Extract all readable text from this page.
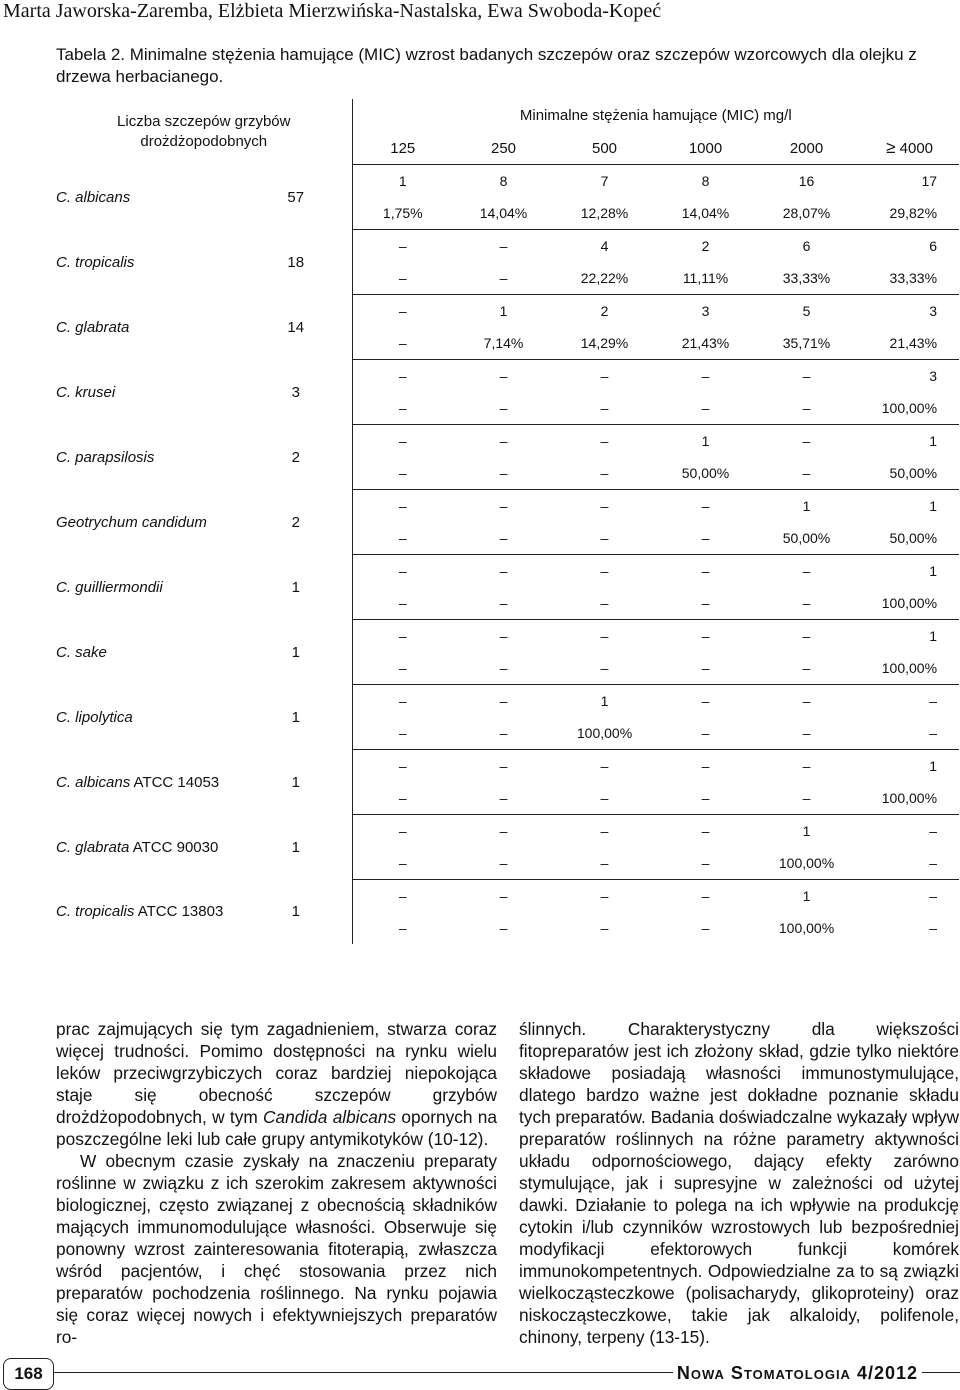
Marta Jaworska-Zaremba, Elżbieta Mierzwińska-Nastalska, Ewa Swoboda-Kopeć
Tabela 2. Minimalne stężenia hamujące (MIC) wzrost badanych szczepów oraz szczepów wzorcowych dla olejku z drzewa herbacianego.
Liczba szczepów grzybów
drożdżopodobnych		Minimalne stężenia hamujące (MIC) mg/l					
		125	250	500	1000	2000	≥ 4000
C. albicans	57	1	8	7	8	16	17
		1,75%	14,04%	12,28%	14,04%	28,07%	29,82%
C. tropicalis	18	–	–	4	2	6	6
		–	–	22,22%	11,11%	33,33%	33,33%
C. glabrata	14	–	1	2	3	5	3
		–	7,14%	14,29%	21,43%	35,71%	21,43%
C. krusei	3	–	–	–	–	–	3
		–	–	–	–	–	100,00%
C. parapsilosis	2	–	–	–	1	–	1
		–	–	–	50,00%	–	50,00%
Geotrychum candidum	2	–	–	–	–	1	1
		–	–	–	–	50,00%	50,00%
C. guilliermondii	1	–	–	–	–	–	1
		–	–	–	–	–	100,00%
C. sake	1	–	–	–	–	–	1
		–	–	–	–	–	100,00%
C. lipolytica	1	–	–	1	–	–	–
		–	–	100,00%	–	–	–
C. albicans ATCC 14053	1	–	–	–	–	–	1
		–	–	–	–	–	100,00%
C. glabrata ATCC 90030	1	–	–	–	–	1	–
		–	–	–	–	100,00%	–
C. tropicalis ATCC 13803	1	–	–	–	–	1	–
		–	–	–	–	100,00%	–

prac zajmujących się tym zagadnieniem, stwarza coraz więcej trudności. Pomimo dostępności na rynku wielu leków przeciwgrzybiczych coraz bardziej niepokojąca staje się obecność szczepów grzybów drożdżopodobnych, w tym Candida albicans opornych na poszczególne leki lub całe grupy antymikotyków (10-12).

W obecnym czasie zyskały na znaczeniu preparaty roślinne w związku z ich szerokim zakresem aktywności biologicznej, często związanej z obecnością składników mających immunomodulujące własności. Obserwuje się ponowny wzrost zainteresowania fitoterapią, zwłaszcza wśród pacjentów, i chęć stosowania przez nich preparatów pochodzenia roślinnego. Na rynku pojawia się coraz więcej nowych i efektywniejszych preparatów ro-

ślinnych. Charakterystyczny dla większości fitopreparatów jest ich złożony skład, gdzie tylko niektóre składowe posiadają własności immunostymulujące, dlatego bardzo ważne jest dokładne poznanie składu tych preparatów. Badania doświadczalne wykazały wpływ preparatów roślinnych na różne parametry aktywności układu odpornościowego, dający efekty zarówno stymulujące, jak i supresyjne w zależności od użytej dawki. Działanie to polega na ich wpływie na produkcję cytokin i/lub czynników wzrostowych lub bezpośredniej modyfikacji efektorowych funkcji komórek immunokompetentnych. Odpowiedzialne za to są związki wielkocząsteczkowe (polisacharydy, glikoproteiny) oraz niskocząsteczkowe, takie jak alkaloidy, polifenole, chinony, terpeny (13-15).

168	Nowa Stomatologia 4/2012
